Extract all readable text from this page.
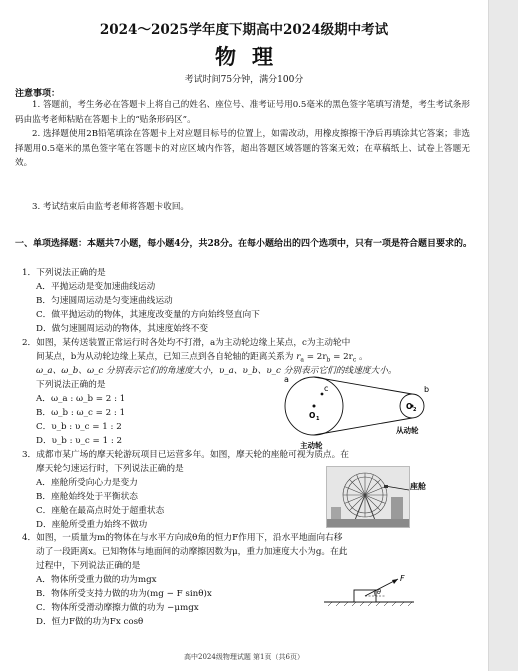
2024～2025学年度下期高中2024级期中考试
物理
考试时间75分钟，满分100分
注意事项：
1. 答题前，考生务必在答题卡上将自己的姓名、座位号、准考证号用0.5毫米的黑色签字笔填写清楚，考生考试条形码由监考老师粘贴在答题卡上的“贴条形码区”。
2. 选择题使用2B铅笔填涂在答题卡上对应题目标号的位置上，如需改动，用橡皮擦擦干净后再填涂其它答案；非选择题用0.5毫米的黑色签字笔在答题卡的对应区域内作答，超出答题区域答题的答案无效；在草稿纸上、试卷上答题无效。
3. 考试结束后由监考老师将答题卡收回。
一、单项选择题：本题共7小题，每小题4分，共28分。在每小题给出的四个选项中，只有一项是符合题目要求的。
1．下列说法正确的是
A．平抛运动是变加速曲线运动
B．匀速圆周运动是匀变速曲线运动
C．做平抛运动的物体，其速度改变量的方向始终竖直向下
D．做匀速圆周运动的物体，其速度始终不变
2．如图，某传送装置正常运行时各处均不打滑，a为主动轮边缘上某点，c为主动轮中
间某点，b为从动轮边缘上某点，已知三点到各自轮轴的距离关系为 $r_a = 2r_b = 2r_c$ 。
ω_a、ω_b、ω_c 分别表示它们的角速度大小，υ_a、υ_b、υ_c 分别表示它们的线速度大小。
下列说法正确的是
A．ω_a : ω_b = 2 : 1
B．ω_b : ω_c = 2 : 1
C．υ_b : υ_c = 1 : 2
D．υ_b : υ_c = 1 : 2
a
c	b
O 1
O 2
主动轮
从动轮
3．成都市某广场的摩天轮游玩项目已运营多年。如图，摩天轮的座舱可视为质点。在
摩天轮匀速运行时，下列说法正确的是
A．座舱所受向心力是变力
B．座舱始终处于平衡状态
C．座舱在最高点时处于超重状态
D．座舱所受重力始终不做功
座舱
4．如图，一质量为m的物体在与水平方向成θ角的恒力F作用下，沿水平地面向右移
动了一段距离x。已知物体与地面间的动摩擦因数为μ，重力加速度大小为g。在此
过程中，下列说法正确的是
A．物体所受重力做的功为mgx
B．物体所受支持力做的功为(mg − F sinθ)x
C．物体所受滑动摩擦力做的功为 −μmgx
D．恒力F做的功为Fx cosθ
F
θ
高中2024级物理试题 第1页（共6页）
